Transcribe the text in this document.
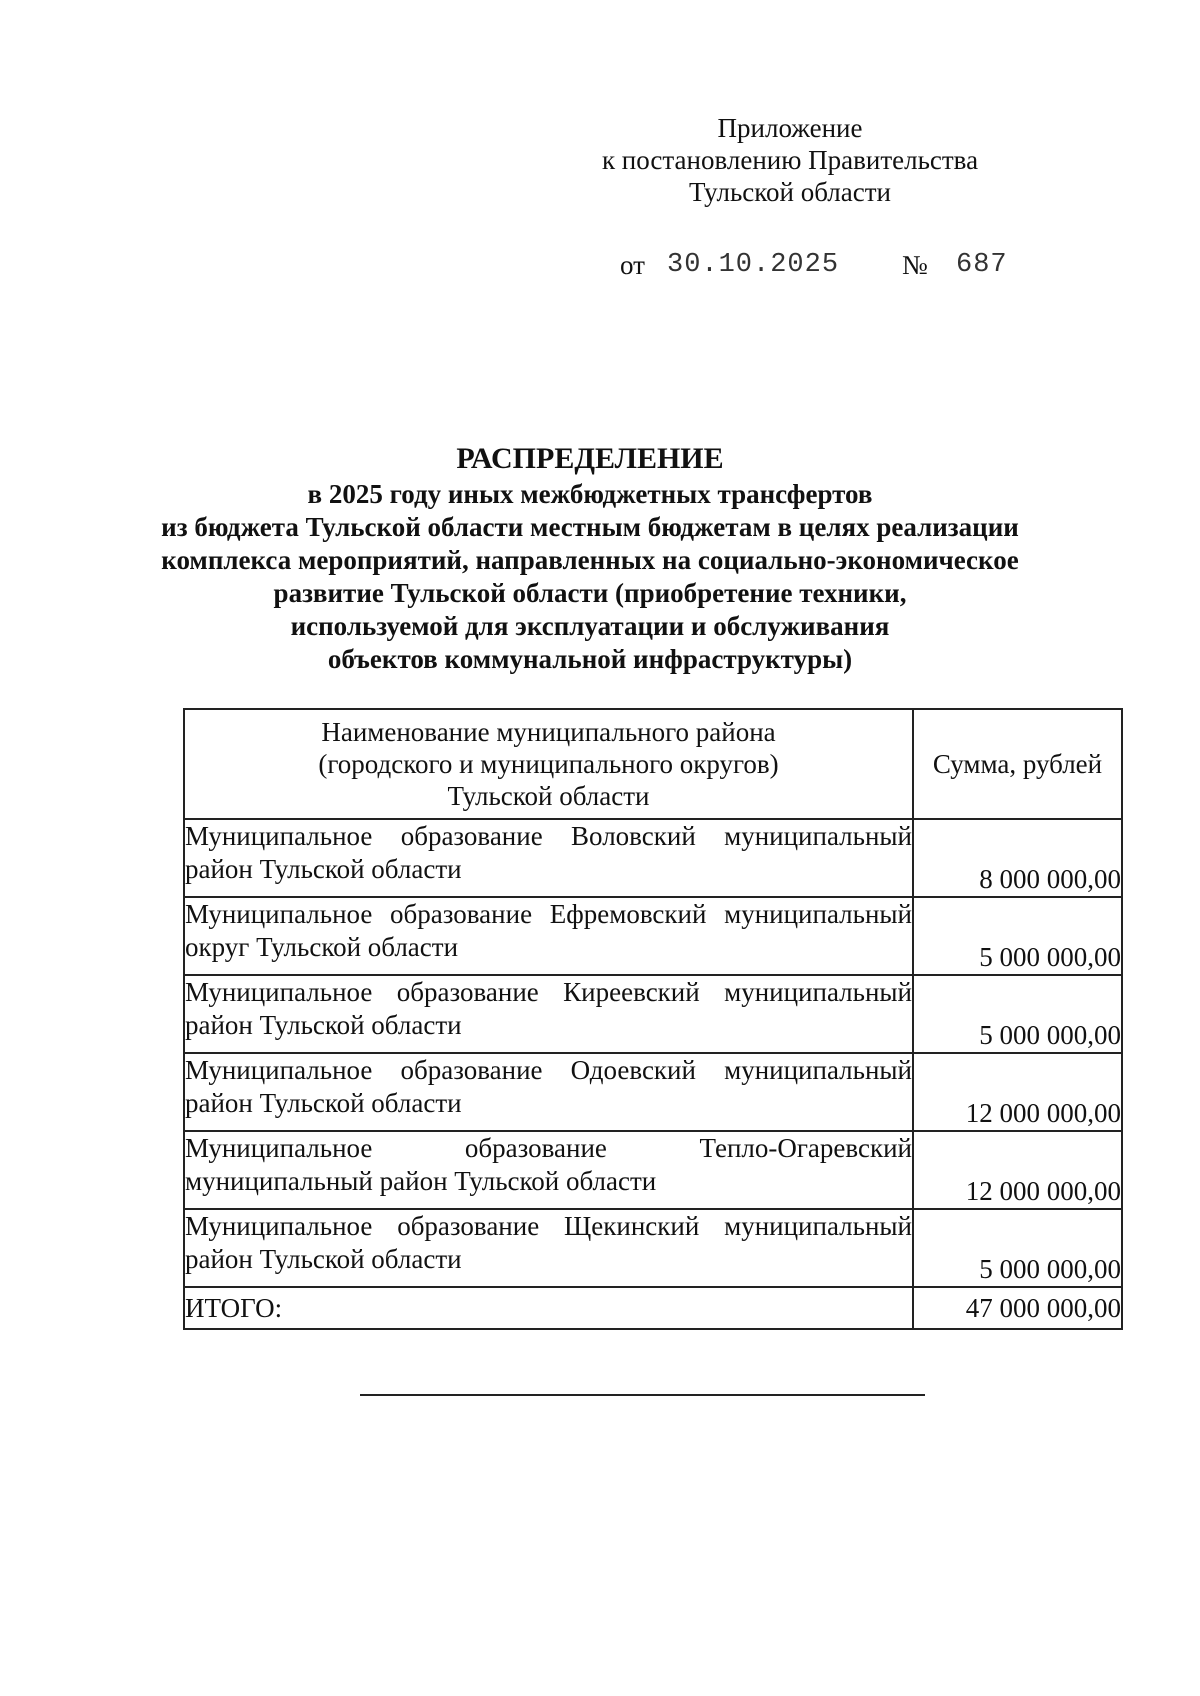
Приложение
к постановлению Правительства
Тульской области
от 30.10.2025 № 687
РАСПРЕДЕЛЕНИЕ
в 2025 году иных межбюджетных трансфертов
из бюджета Тульской области местным бюджетам в целях реализации
комплекса мероприятий, направленных на социально-экономическое
развитие Тульской области (приобретение техники,
используемой для эксплуатации и обслуживания
объектов коммунальной инфраструктуры)
Наименование муниципального района
(городского и муниципального округов)
Тульской области	Сумма, рублей
Муниципальное образование Воловский муниципальный район Тульской области	8 000 000,00
Муниципальное образование Ефремовский муниципальный округ Тульской области	5 000 000,00
Муниципальное образование Киреевский муниципальный район Тульской области	5 000 000,00
Муниципальное образование Одоевский муниципальный район Тульской области	12 000 000,00
Муниципальное образование Тепло-Огаревский муниципальный район Тульской области	12 000 000,00
Муниципальное образование Щекинский муниципальный район Тульской области	5 000 000,00
ИТОГО:	47 000 000,00
